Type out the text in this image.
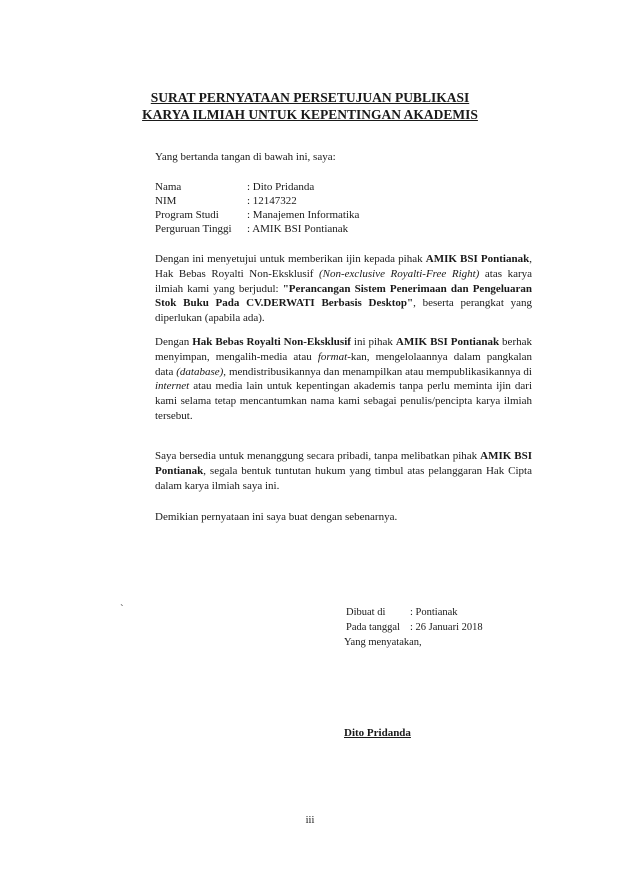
SURAT PERNYATAAN PERSETUJUAN PUBLIKASI
KARYA ILMIAH UNTUK KEPENTINGAN AKADEMIS
Yang bertanda tangan di bawah ini, saya:
Nama	: Dito Pridanda
NIM	: 12147322
Program Studi	: Manajemen Informatika
Perguruan Tinggi : AMIK BSI Pontianak
Dengan ini menyetujui untuk memberikan ijin kepada pihak AMIK BSI Pontianak, Hak Bebas Royalti Non-Eksklusif (Non-exclusive Royalti-Free Right) atas karya ilmiah kami yang berjudul: "Perancangan Sistem Penerimaan dan Pengeluaran Stok Buku Pada CV.DERWATI Berbasis Desktop", beserta perangkat yang diperlukan (apabila ada).
Dengan Hak Bebas Royalti Non-Eksklusif ini pihak AMIK BSI Pontianak berhak menyimpan, mengalih-media atau format-kan, mengelolaannya dalam pangkalan data (database), mendistribusikannya dan menampilkan atau mempublikasikannya di internet atau media lain untuk kepentingan akademis tanpa perlu meminta ijin dari kami selama tetap mencantumkan nama kami sebagai penulis/pencipta karya ilmiah tersebut.
Saya bersedia untuk menanggung secara pribadi, tanpa melibatkan pihak AMIK BSI Pontianak, segala bentuk tuntutan hukum yang timbul atas pelanggaran Hak Cipta dalam karya ilmiah saya ini.
Demikian pernyataan ini saya buat dengan sebenarnya.
`	Dibuat di : Pontianak
Pada tanggal : 26 Januari 2018
Yang menyatakan,
Dito Pridanda
iii
